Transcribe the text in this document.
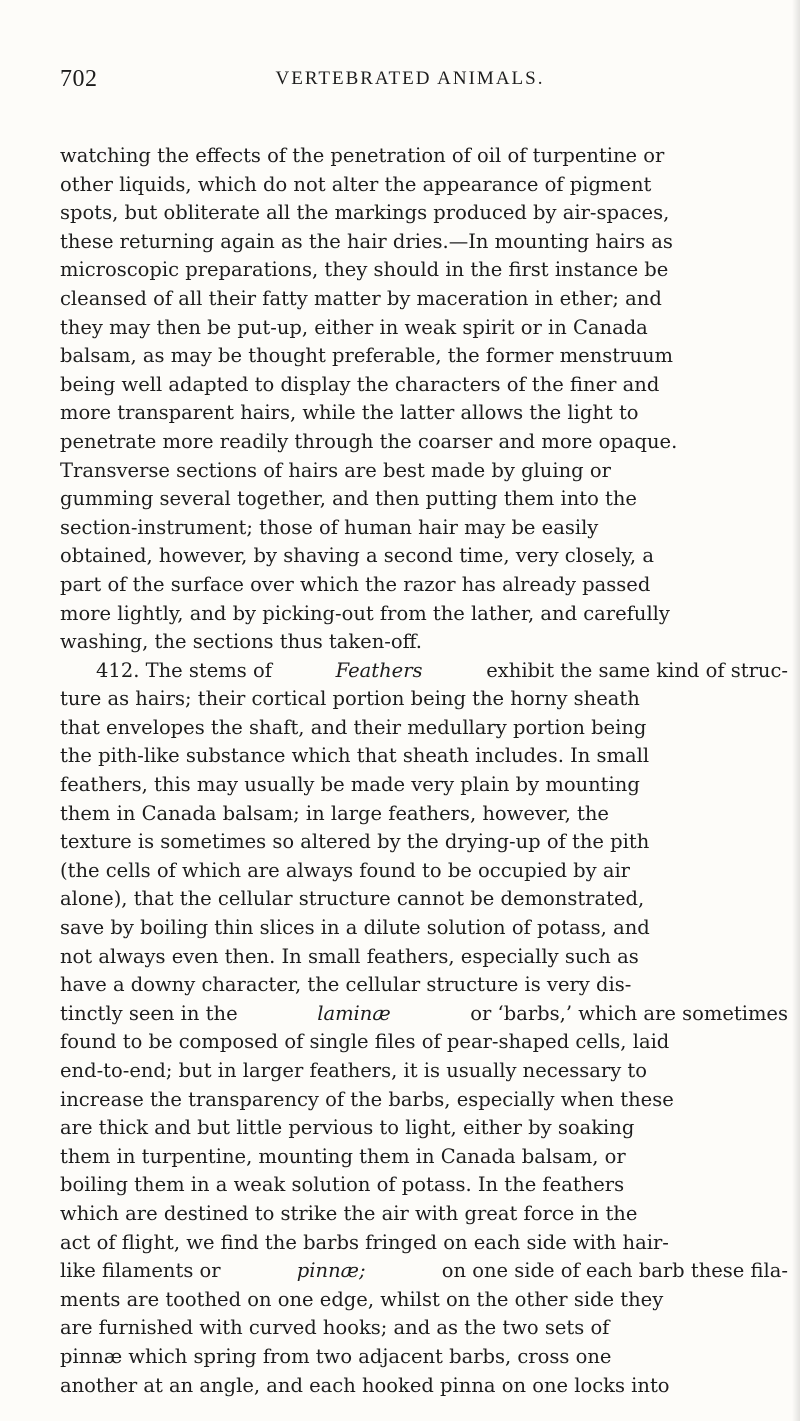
702	VERTEBRATED ANIMALS.
watching the effects of the penetration of oil of turpentine or
other liquids, which do not alter the appearance of pigment
spots, but obliterate all the markings produced by air-spaces,
these returning again as the hair dries.—In mounting hairs as
microscopic preparations, they should in the first instance be
cleansed of all their fatty matter by maceration in ether; and
they may then be put-up, either in weak spirit or in Canada
balsam, as may be thought preferable, the former menstruum
being well adapted to display the characters of the finer and
more transparent hairs, while the latter allows the light to
penetrate more readily through the coarser and more opaque.
Transverse sections of hairs are best made by gluing or
gumming several together, and then putting them into the
section-instrument; those of human hair may be easily
obtained, however, by shaving a second time, very closely, a
part of the surface over which the razor has already passed
more lightly, and by picking-out from the lather, and carefully
washing, the sections thus taken-off.
412. The stems of	Feathers	exhibit the same kind of struc-
ture as hairs; their cortical portion being the horny sheath
that envelopes the shaft, and their medullary portion being
the pith-like substance which that sheath includes. In small
feathers, this may usually be made very plain by mounting
them in Canada balsam; in large feathers, however, the
texture is sometimes so altered by the drying-up of the pith
(the cells of which are always found to be occupied by air
alone), that the cellular structure cannot be demonstrated,
save by boiling thin slices in a dilute solution of potass, and
not always even then. In small feathers, especially such as
have a downy character, the cellular structure is very dis-
tinctly seen in the	laminæ	or ‘barbs,’ which are sometimes
found to be composed of single files of pear-shaped cells, laid
end-to-end; but in larger feathers, it is usually necessary to
increase the transparency of the barbs, especially when these
are thick and but little pervious to light, either by soaking
them in turpentine, mounting them in Canada balsam, or
boiling them in a weak solution of potass. In the feathers
which are destined to strike the air with great force in the
act of flight, we find the barbs fringed on each side with hair-
like filaments or	pinnæ;	on one side of each barb these fila-
ments are toothed on one edge, whilst on the other side they
are furnished with curved hooks; and as the two sets of
pinnæ which spring from two adjacent barbs, cross one
another at an angle, and each hooked pinna on one locks into
